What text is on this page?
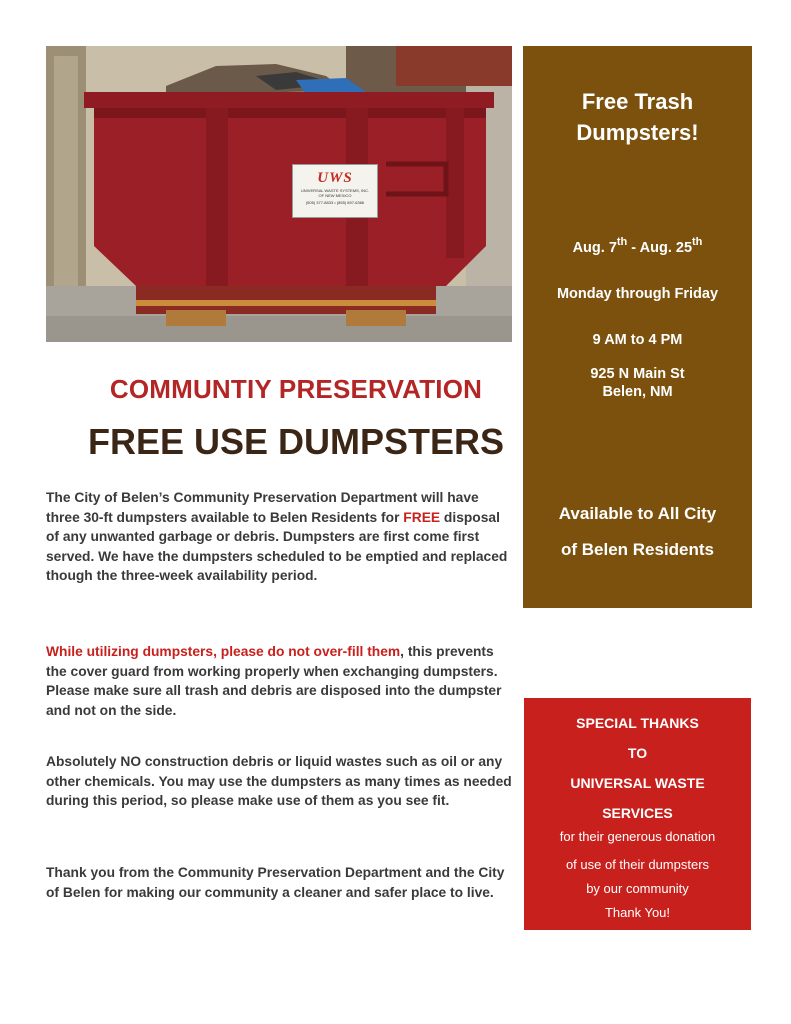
UWS
UNIVERSAL WASTE SYSTEMS, INC.
OF NEW MEXICO
(505) 377-8833 • (855) 897-6366
COMMUNTIY PRESERVATION
FREE USE DUMPSTERS

The City of Belen’s Community Preservation Department will have three 30-ft dumpsters available to Belen Residents for FREE disposal of any unwanted garbage or debris. Dumpsters are first come first served. We have the dumpsters scheduled to be emptied and replaced though the three-week availability period.

While utilizing dumpsters, please do not over-fill them, this prevents the cover guard from working properly when exchanging dumpsters. Please make sure all trash and debris are disposed into the dumpster and not on the side.

Absolutely NO construction debris or liquid wastes such as oil or any other chemicals. You may use the dumpsters as many times as needed during this period, so please make use of them as you see fit.

Thank you from the Community Preservation Department and the City of Belen for making our community a cleaner and safer place to live.

Free Trash
Dumpsters!
Aug. 7th - Aug. 25th
Monday through Friday
9 AM to 4 PM
925 N Main St
Belen, NM
Available to All City
of Belen Residents
SPECIAL THANKS
TO
UNIVERSAL WASTE
SERVICES
for their generous donation
of use of their dumpsters
by our community
Thank You!
